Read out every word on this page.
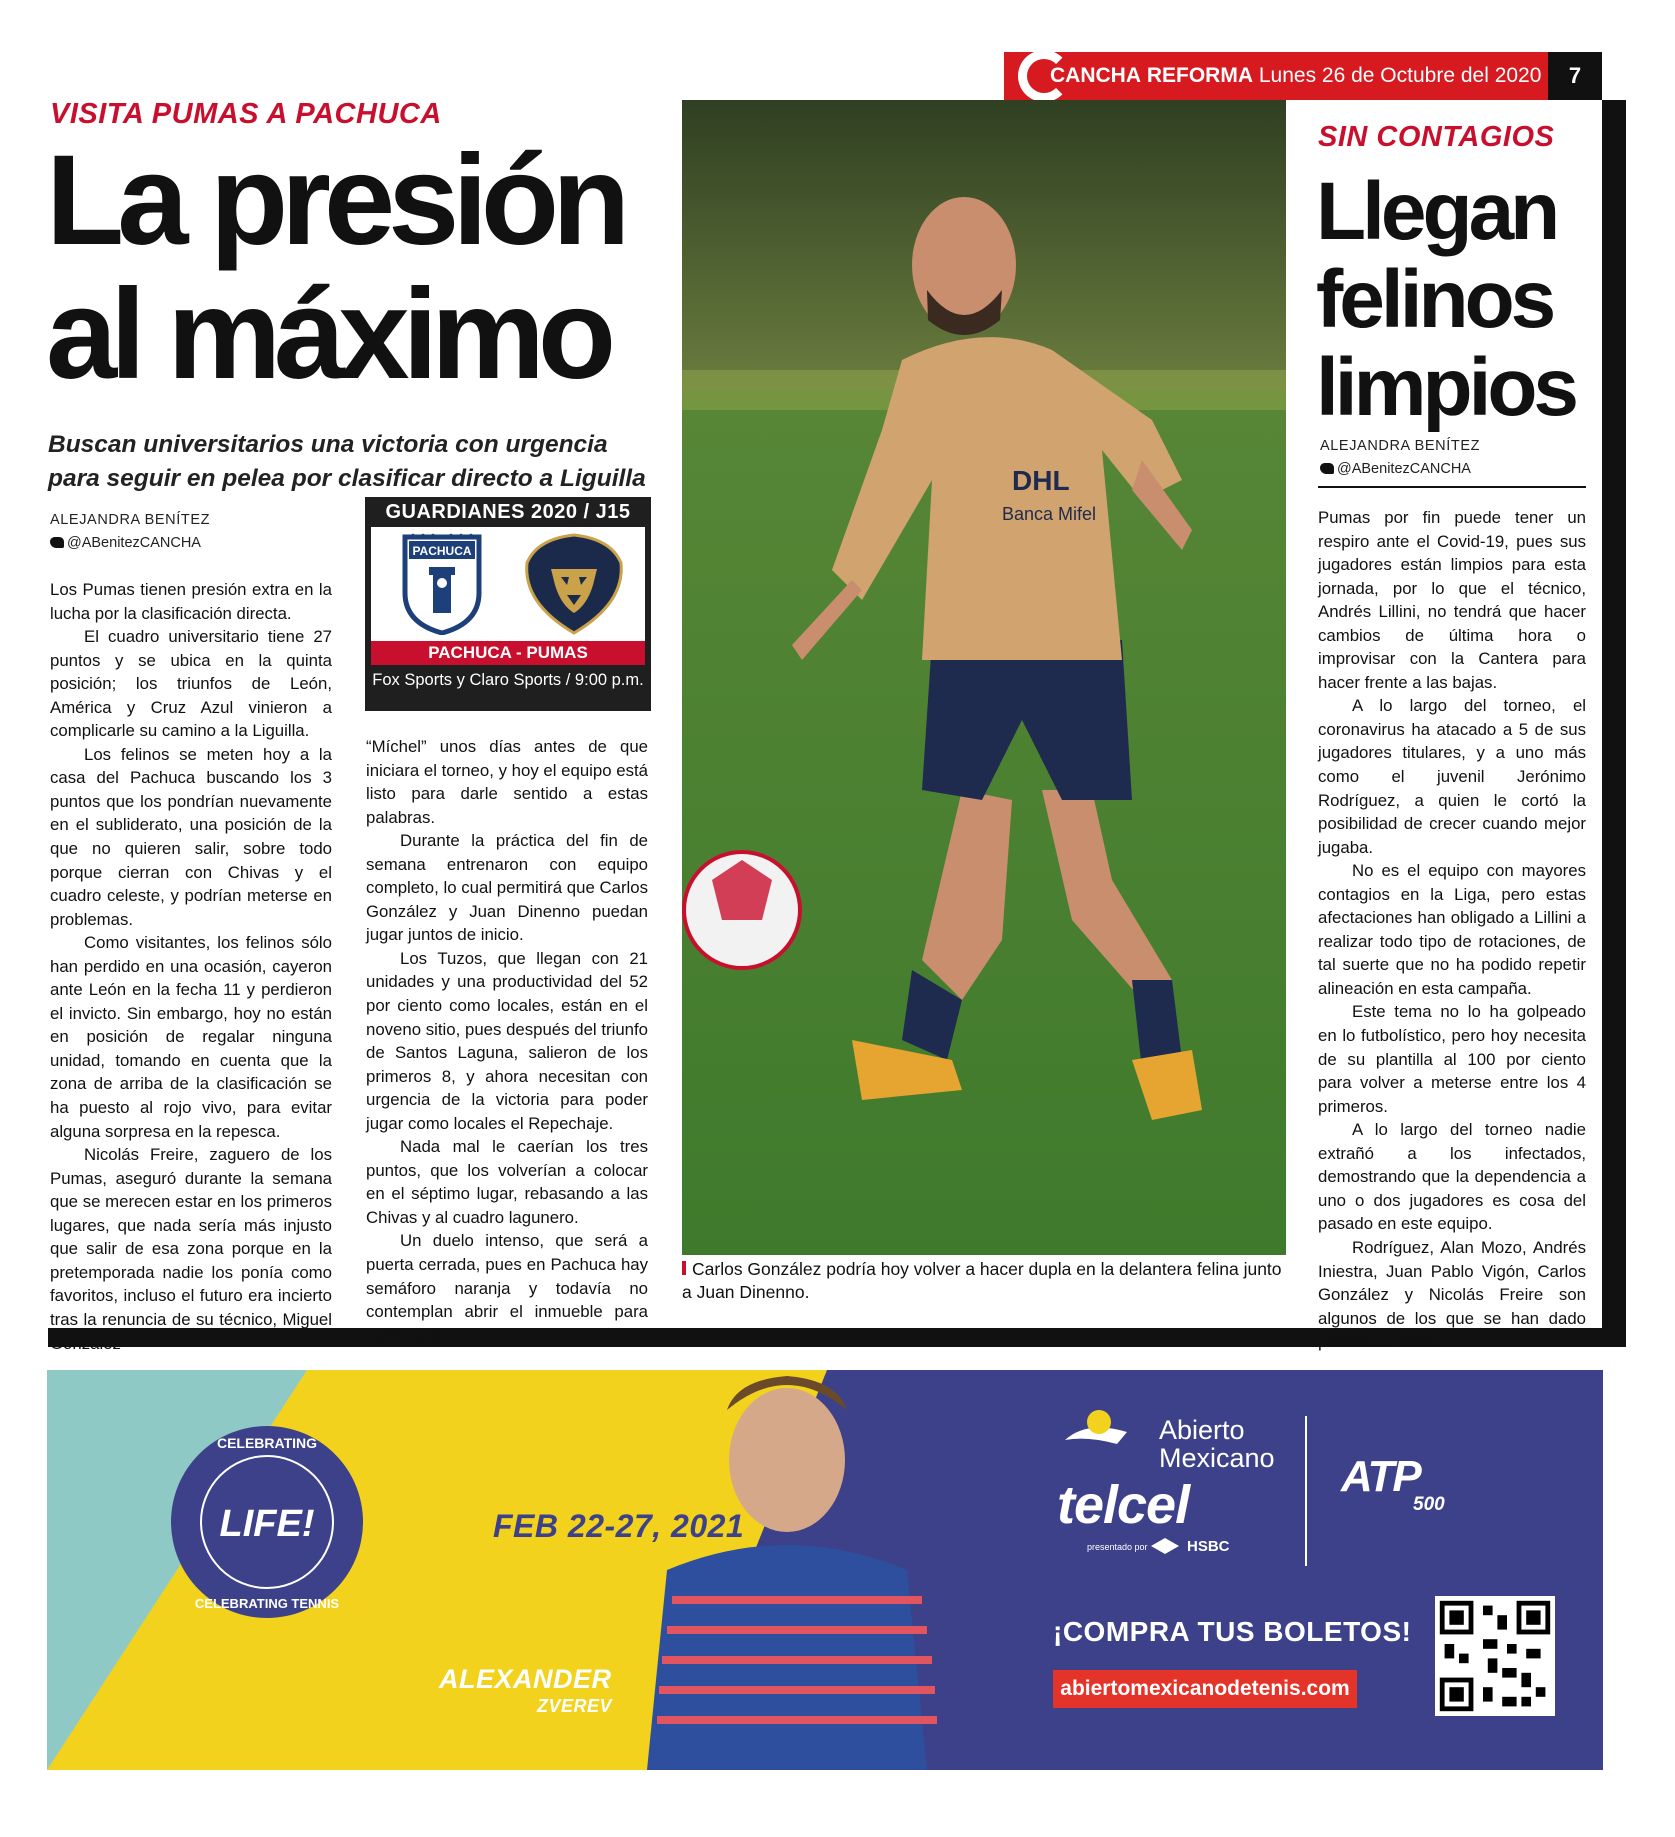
CANCHA REFORMA Lunes 26 de Octubre del 2020	7
VISITA PUMAS A PACHUCA
La presión
al máximo
Buscan universitarios una victoria con urgencia
para seguir en pelea por clasificar directo a Liguilla
ALEJANDRA BENÍTEZ
@ABenitezCANCHA

Los Pumas tienen presión extra en la lucha por la clasificación directa.

El cuadro universitario tiene 27 puntos y se ubica en la quinta posición; los triunfos de León, América y Cruz Azul vinieron a complicarle su camino a la Liguilla.

Los felinos se meten hoy a la casa del Pachuca buscando los 3 puntos que los pondrían nuevamente en el subliderato, una posición de la que no quieren salir, sobre todo porque cierran con Chivas y el cuadro celeste, y podrían meterse en problemas.

Como visitantes, los felinos sólo han perdido en una ocasión, cayeron ante León en la fecha 11 y perdieron el invicto. Sin embargo, hoy no están en posición de regalar ninguna unidad, tomando en cuenta que la zona de arriba de la clasificación se ha puesto al rojo vivo, para evitar alguna sorpresa en la repesca.

Nicolás Freire, zaguero de los Pumas, aseguró durante la semana que se merecen estar en los primeros lugares, que nada sería más injusto que salir de esa zona porque en la pretemporada nadie los ponía como favoritos, incluso el futuro era incierto tras la renuncia de su técnico, Miguel González

“Míchel” unos días antes de que iniciara el torneo, y hoy el equipo está listo para darle sentido a estas palabras.

Durante la práctica del fin de semana entrenaron con equipo completo, lo cual permitirá que Carlos González y Juan Dinenno puedan jugar juntos de inicio.

Los Tuzos, que llegan con 21 unidades y una productividad del 52 por ciento como locales, están en el noveno sitio, pues después del triunfo de Santos Laguna, salieron de los primeros 8, y ahora necesitan con urgencia de la victoria para poder jugar como locales el Repechaje.

Nada mal le caerían los tres puntos, que los volverían a colocar en el séptimo lugar, rebasando a las Chivas y al cuadro lagunero.

Un duelo intenso, que será a puerta cerrada, pues en Pachuca hay semáforo naranja y todavía no contemplan abrir el inmueble para recibir público.

GUARDIANES 2020 / J15
PACHUCA
PACHUCA - PUMAS
Fox Sports y Claro Sports / 9:00 p.m.
DHL
Banca Mifel
Carlos González podría hoy volver a hacer dupla en la delantera felina junto a Juan Dinenno.
SIN CONTAGIOS
Llegan
felinos
limpios
ALEJANDRA BENÍTEZ
@ABenitezCANCHA

Pumas por fin puede tener un respiro ante el Covid-19, pues sus jugadores están limpios para esta jornada, por lo que el técnico, Andrés Lillini, no tendrá que hacer cambios de última hora o improvisar con la Cantera para hacer frente a las bajas.

A lo largo del torneo, el coronavirus ha atacado a 5 de sus jugadores titulares, y a uno más como el juvenil Jerónimo Rodríguez, a quien le cortó la posibilidad de crecer cuando mejor jugaba.

No es el equipo con mayores contagios en la Liga, pero estas afectaciones han obligado a Lillini a realizar todo tipo de rotaciones, de tal suerte que no ha podido repetir alineación en esta campaña.

Este tema no lo ha golpeado en lo futbolístico, pero hoy necesita de su plantilla al 100 por ciento para volver a meterse entre los 4 primeros.

A lo largo del torneo nadie extrañó a los infectados, demostrando que la dependencia a uno o dos jugadores es cosa del pasado en este equipo.

Rodríguez, Alan Mozo, Andrés Iniestra, Juan Pablo Vigón, Carlos González y Nicolás Freire son algunos de los que se han dado positivo al virus.

CELEBRATING
LIFE!
CELEBRATING TENNIS
FEB 22-27, 2021
ALEXANDER
ZVEREV
Abierto
Mexicano
telcel
presentado por	HSBC
ATP
500
¡COMPRA TUS BOLETOS!
abiertomexicanodetenis.com
